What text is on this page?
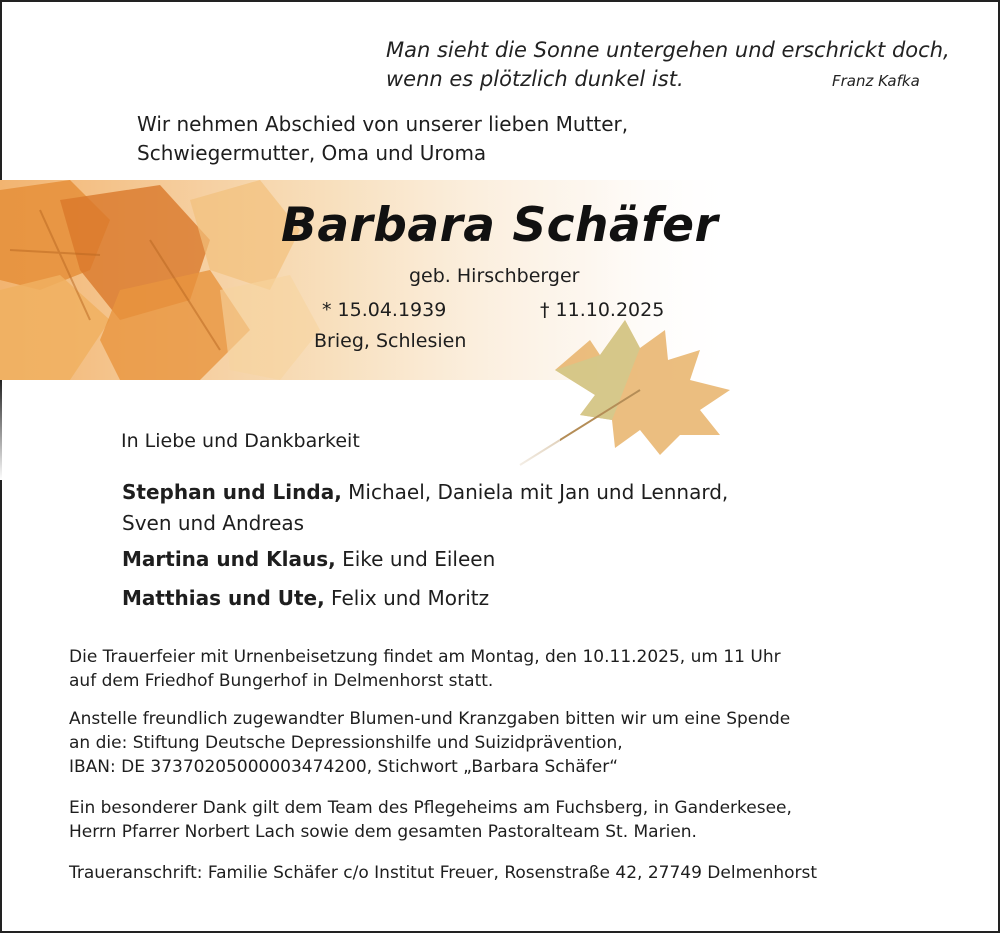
Man sieht die Sonne untergehen und erschrickt doch,
wenn es plötzlich dunkel ist.	Franz Kafka
Wir nehmen Abschied von unserer lieben Mutter,
Schwiegermutter, Oma und Uroma
Barbara Schäfer
geb. Hirschberger
* 15.04.1939	† 11.10.2025
Brieg, Schlesien
In Liebe und Dankbarkeit
Stephan und Linda, Michael, Daniela mit Jan und Lennard,
Sven und Andreas
Martina und Klaus, Eike und Eileen
Matthias und Ute, Felix und Moritz
Die Trauerfeier mit Urnenbeisetzung findet am Montag, den 10.11.2025, um 11 Uhr
auf dem Friedhof Bungerhof in Delmenhorst statt.
Anstelle freundlich zugewandter Blumen-und Kranzgaben bitten wir um eine Spende
an die: Stiftung Deutsche Depressionshilfe und Suizidprävention,
IBAN: DE 37370205000003474200, Stichwort „Barbara Schäfer“
Ein besonderer Dank gilt dem Team des Pflegeheims am Fuchsberg, in Ganderkesee,
Herrn Pfarrer Norbert Lach sowie dem gesamten Pastoralteam St. Marien.
Traueranschrift: Familie Schäfer c/o Institut Freuer, Rosenstraße 42, 27749 Delmenhorst
